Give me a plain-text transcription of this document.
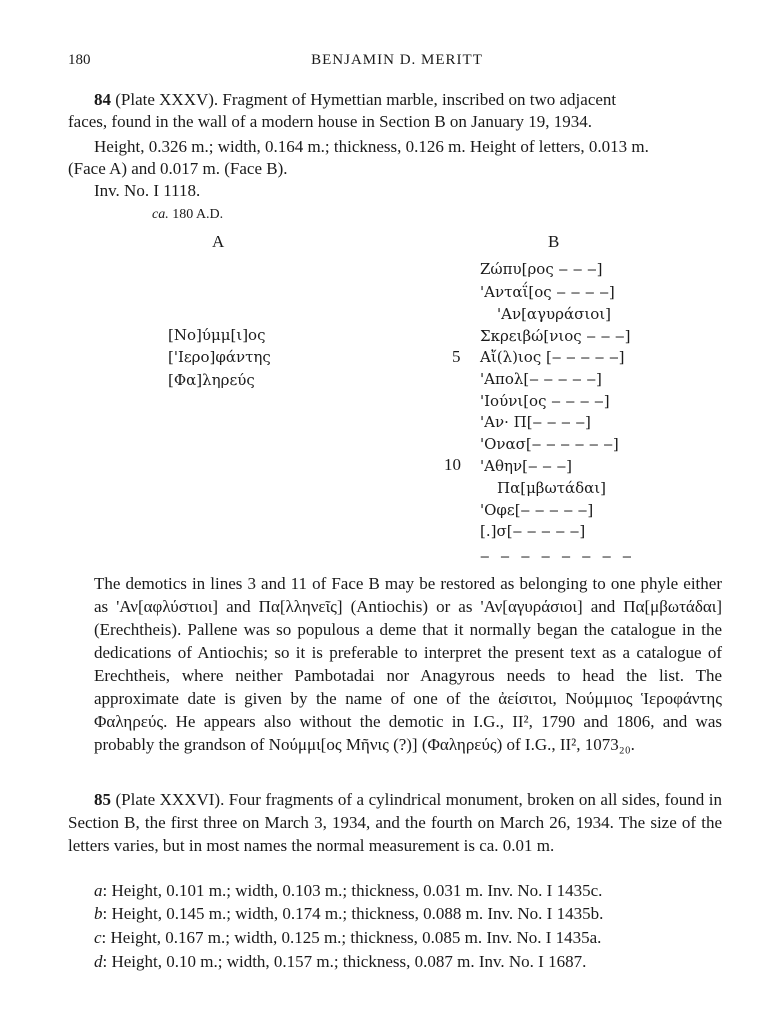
180	BENJAMIN D. MERITT
84 (Plate XXXV). Fragment of Hymettian marble, inscribed on two adjacent
faces, found in the wall of a modern house in Section Β on January 19, 1934.
Height, 0.326 m.; width, 0.164 m.; thickness, 0.126 m. Height of letters, 0.013 m.
(Face A) and 0.017 m. (Face B).
Inv. No. I 1118.
ca. 180 A.D.
A	B
[Νο]ύμμ[ι]ος
['Ιερο]φάντης
[Φα]ληρεύς
Ζώπυ[ρος ‒ ‒ ‒]
'Ανταΐ[ος ‒ ‒ ‒ ‒]
'Αν[αγυράσιοι]
Σκρειβώ[νιος ‒ ‒ ‒]
Αἴ(λ)ιος [‒ ‒ ‒ ‒ ‒]
'Απολ[‒ ‒ ‒ ‒ ‒]
'Ιούνι[ος ‒ ‒ ‒ ‒]
'Αν· Π[‒ ‒ ‒ ‒]
'Ονασ[‒ ‒ ‒ ‒ ‒ ‒]
'Αθην[‒ ‒ ‒]
Πα[μβωτάδαι]
'Οφε[‒ ‒ ‒ ‒ ‒]
[.]σ[‒ ‒ ‒ ‒ ‒]
‒ ‒ ‒ ‒ ‒ ‒ ‒ ‒
5
10

The demotics in lines 3 and 11 of Face B may be restored as belonging to one phyle either as 'Αν[αφλύστιοι] and Πα[λληνεῖς] (Antiochis) or as 'Αν[αγυράσιοι] and Πα[μβωτάδαι] (Erechtheis). Pallene was so populous a deme that it normally began the catalogue in the dedications of Antiochis; so it is preferable to interpret the present text as a catalogue of Erechtheis, where neither Pambotadai nor Anagyrous needs to head the list. The approximate date is given by the name of one of the ἀείσιτοι, Νούμμιος Ἱεροφάντης Φαληρεύς. He appears also without the demotic in I.G., II², 1790 and 1806, and was probably the grandson of Νούμμι[ος Μῆνις (?)] (Φαληρεύς) of I.G., II², 1073₂₀.

85 (Plate XXXVI). Four fragments of a cylindrical monument, broken on all sides, found in Section Β, the first three on March 3, 1934, and the fourth on March 26, 1934. The size of the letters varies, but in most names the normal measurement is ca. 0.01 m.

a: Height, 0.101 m.; width, 0.103 m.; thickness, 0.031 m. Inv. No. I 1435c.
b: Height, 0.145 m.; width, 0.174 m.; thickness, 0.088 m. Inv. No. I 1435b.
c: Height, 0.167 m.; width, 0.125 m.; thickness, 0.085 m. Inv. No. I 1435a.
d: Height, 0.10 m.; width, 0.157 m.; thickness, 0.087 m. Inv. No. I 1687.
